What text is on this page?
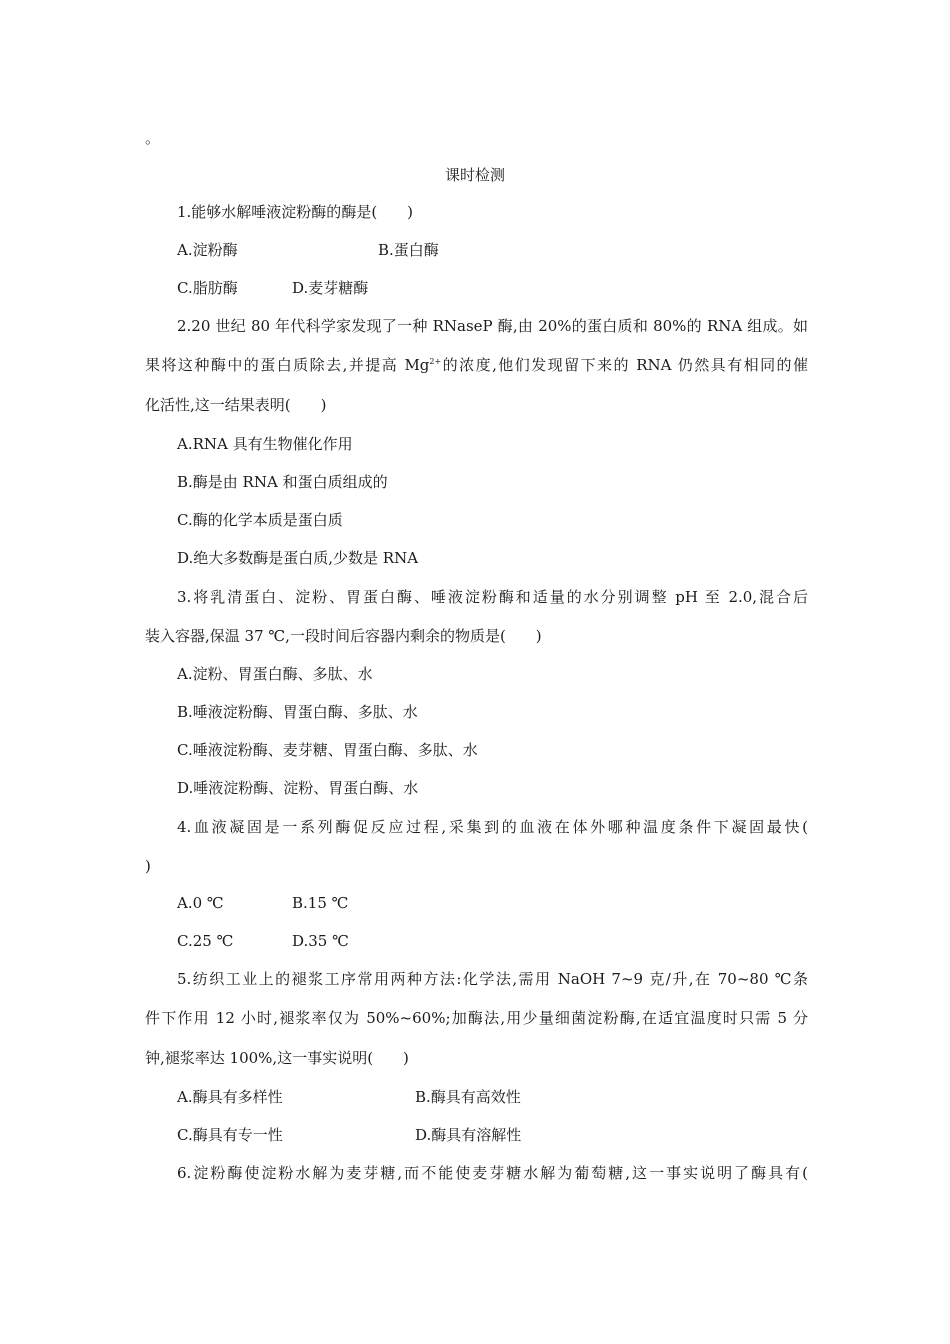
。
课时检测
1.能够水解唾液淀粉酶的酶是(　　)
A.淀粉酶	B.蛋白酶
C.脂肪酶	D.麦芽糖酶
2.20 世纪 80 年代科学家发现了一种 RNaseP 酶,由 20%的蛋白质和 80%的 RNA 组成。如
果将这种酶中的蛋白质除去,并提高 $Mg^{2+}$的浓度,他们发现留下来的 RNA 仍然具有相同的催
化活性,这一结果表明(　　)
A.RNA 具有生物催化作用
B.酶是由 RNA 和蛋白质组成的
C.酶的化学本质是蛋白质
D.绝大多数酶是蛋白质,少数是 RNA
3.将乳清蛋白、淀粉、胃蛋白酶、唾液淀粉酶和适量的水分别调整 pH 至 2.0,混合后
装入容器,保温 37 ℃,一段时间后容器内剩余的物质是(　　)
A.淀粉、胃蛋白酶、多肽、水
B.唾液淀粉酶、胃蛋白酶、多肽、水
C.唾液淀粉酶、麦芽糖、胃蛋白酶、多肽、水
D.唾液淀粉酶、淀粉、胃蛋白酶、水
4.血液凝固是一系列酶促反应过程,采集到的血液在体外哪种温度条件下凝固最快(
)
A.0 ℃	B.15 ℃
C.25 ℃	D.35 ℃
5.纺织工业上的褪浆工序常用两种方法:化学法,需用 NaOH 7~9 克/升,在 70~80 ℃条
件下作用 12 小时,褪浆率仅为 50%~60%;加酶法,用少量细菌淀粉酶,在适宜温度时只需 5 分
钟,褪浆率达 100%,这一事实说明(　　)
A.酶具有多样性	B.酶具有高效性
C.酶具有专一性	D.酶具有溶解性
6.淀粉酶使淀粉水解为麦芽糖,而不能使麦芽糖水解为葡萄糖,这一事实说明了酶具有(
